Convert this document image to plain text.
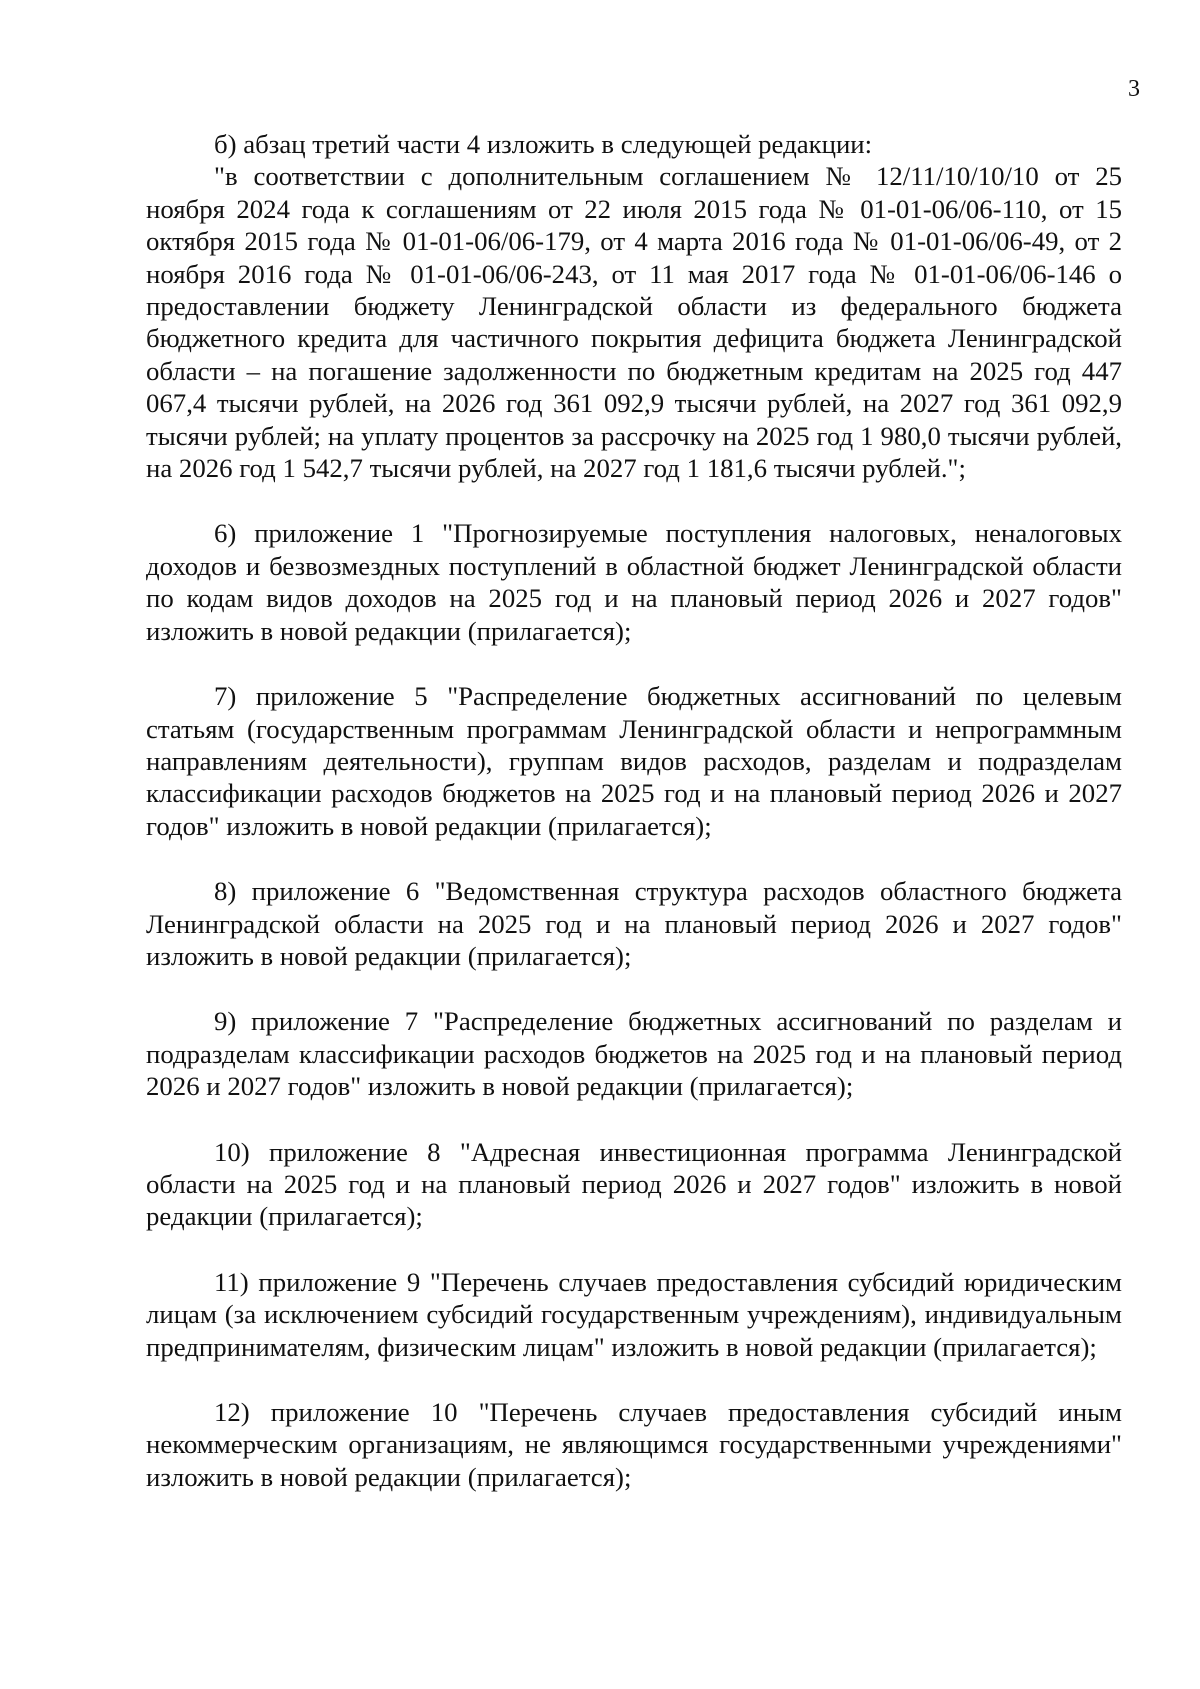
3

б) абзац третий части 4 изложить в следующей редакции:

"в соответствии с дополнительным соглашением № 12/11/10/10/10 от 25 ноября 2024 года к соглашениям от 22 июля 2015 года № 01-01-06/06-110, от 15 октября 2015 года № 01-01-06/06-179, от 4 марта 2016 года № 01-01-06/06-49, от 2 ноября 2016 года № 01-01-06/06-243, от 11 мая 2017 года № 01-01-06/06-146 о предоставлении бюджету Ленинградской области из федерального бюджета бюджетного кредита для частичного покрытия дефицита бюджета Ленинградской области – на погашение задолженности по бюджетным кредитам на 2025 год 447 067,4 тысячи рублей, на 2026 год 361 092,9 тысячи рублей, на 2027 год 361 092,9 тысячи рублей; на уплату процентов за рассрочку на 2025 год 1 980,0 тысячи рублей, на 2026 год 1 542,7 тысячи рублей, на 2027 год 1 181,6 тысячи рублей.";

6) приложение 1 "Прогнозируемые поступления налоговых, неналоговых доходов и безвозмездных поступлений в областной бюджет Ленинградской области по кодам видов доходов на 2025 год и на плановый период 2026 и 2027 годов" изложить в новой редакции (прилагается);

7) приложение 5 "Распределение бюджетных ассигнований по целевым статьям (государственным программам Ленинградской области и непрограммным направлениям деятельности), группам видов расходов, разделам и подразделам классификации расходов бюджетов на 2025 год и на плановый период 2026 и 2027 годов" изложить в новой редакции (прилагается);

8) приложение 6 "Ведомственная структура расходов областного бюджета Ленинградской области на 2025 год и на плановый период 2026 и 2027 годов" изложить в новой редакции (прилагается);

9) приложение 7 "Распределение бюджетных ассигнований по разделам и подразделам классификации расходов бюджетов на 2025 год и на плановый период 2026 и 2027 годов" изложить в новой редакции (прилагается);

10) приложение 8 "Адресная инвестиционная программа Ленинградской области на 2025 год и на плановый период 2026 и 2027 годов" изложить в новой редакции (прилагается);

11) приложение 9 "Перечень случаев предоставления субсидий юридическим лицам (за исключением субсидий государственным учреждениям), индивидуальным предпринимателям, физическим лицам" изложить в новой редакции (прилагается);

12) приложение 10 "Перечень случаев предоставления субсидий иным некоммерческим организациям, не являющимся государственными учреждениями" изложить в новой редакции (прилагается);
